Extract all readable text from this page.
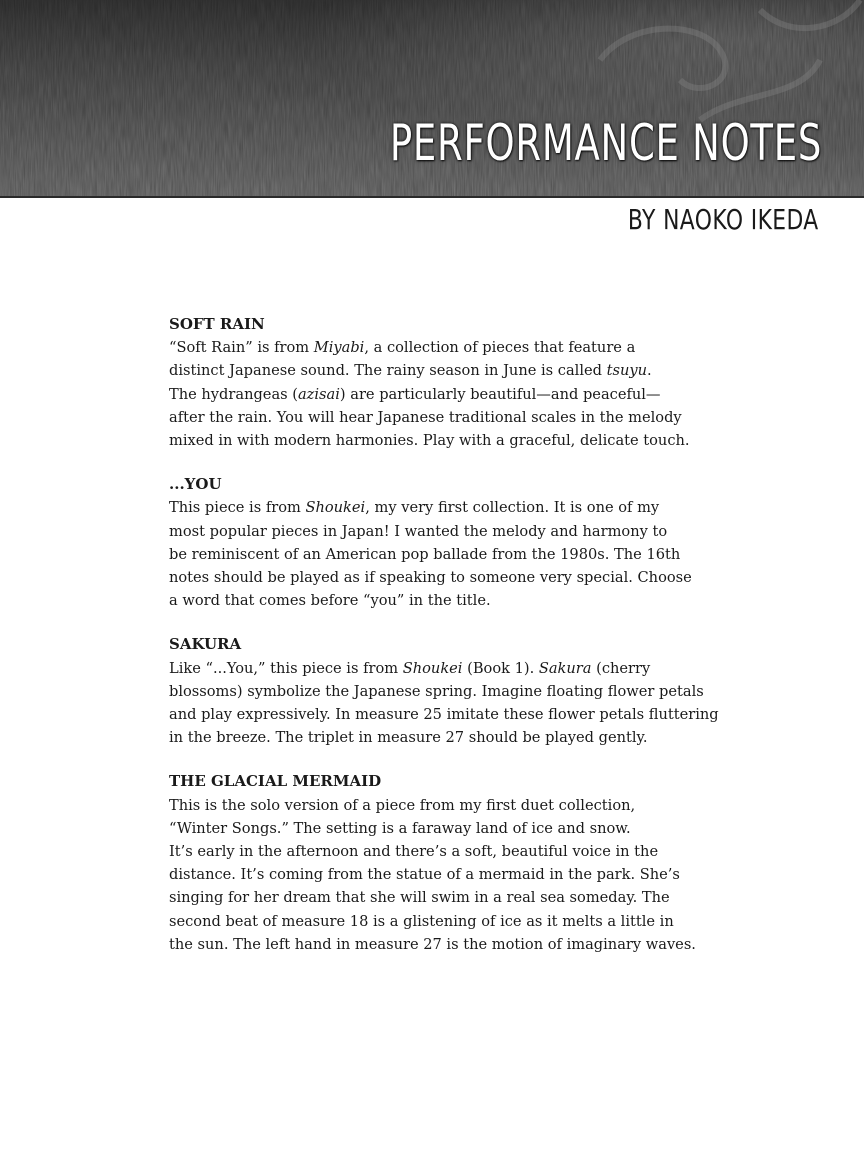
PERFORMANCE NOTES
BY NAOKO IKEDA
SOFT RAIN

“Soft Rain” is from Miyabi, a collection of pieces that feature a
distinct Japanese sound. The rainy season in June is called tsuyu.
The hydrangeas (azisai) are particularly beautiful—and peaceful—
after the rain. You will hear Japanese traditional scales in the melody
mixed in with modern harmonies. Play with a graceful, delicate touch.

...YOU

This piece is from Shoukei, my very first collection. It is one of my
most popular pieces in Japan! I wanted the melody and harmony to
be reminiscent of an American pop ballade from the 1980s. The 16th
notes should be played as if speaking to someone very special. Choose
a word that comes before “you” in the title.

SAKURA

Like “...You,” this piece is from Shoukei (Book 1). Sakura (cherry
blossoms) symbolize the Japanese spring. Imagine floating flower petals
and play expressively. In measure 25 imitate these flower petals fluttering
in the breeze. The triplet in measure 27 should be played gently.

THE GLACIAL MERMAID

This is the solo version of a piece from my first duet collection,
“Winter Songs.” The setting is a faraway land of ice and snow.
It’s early in the afternoon and there’s a soft, beautiful voice in the
distance. It’s coming from the statue of a mermaid in the park. She’s
singing for her dream that she will swim in a real sea someday. The
second beat of measure 18 is a glistening of ice as it melts a little in
the sun. The left hand in measure 27 is the motion of imaginary waves.
